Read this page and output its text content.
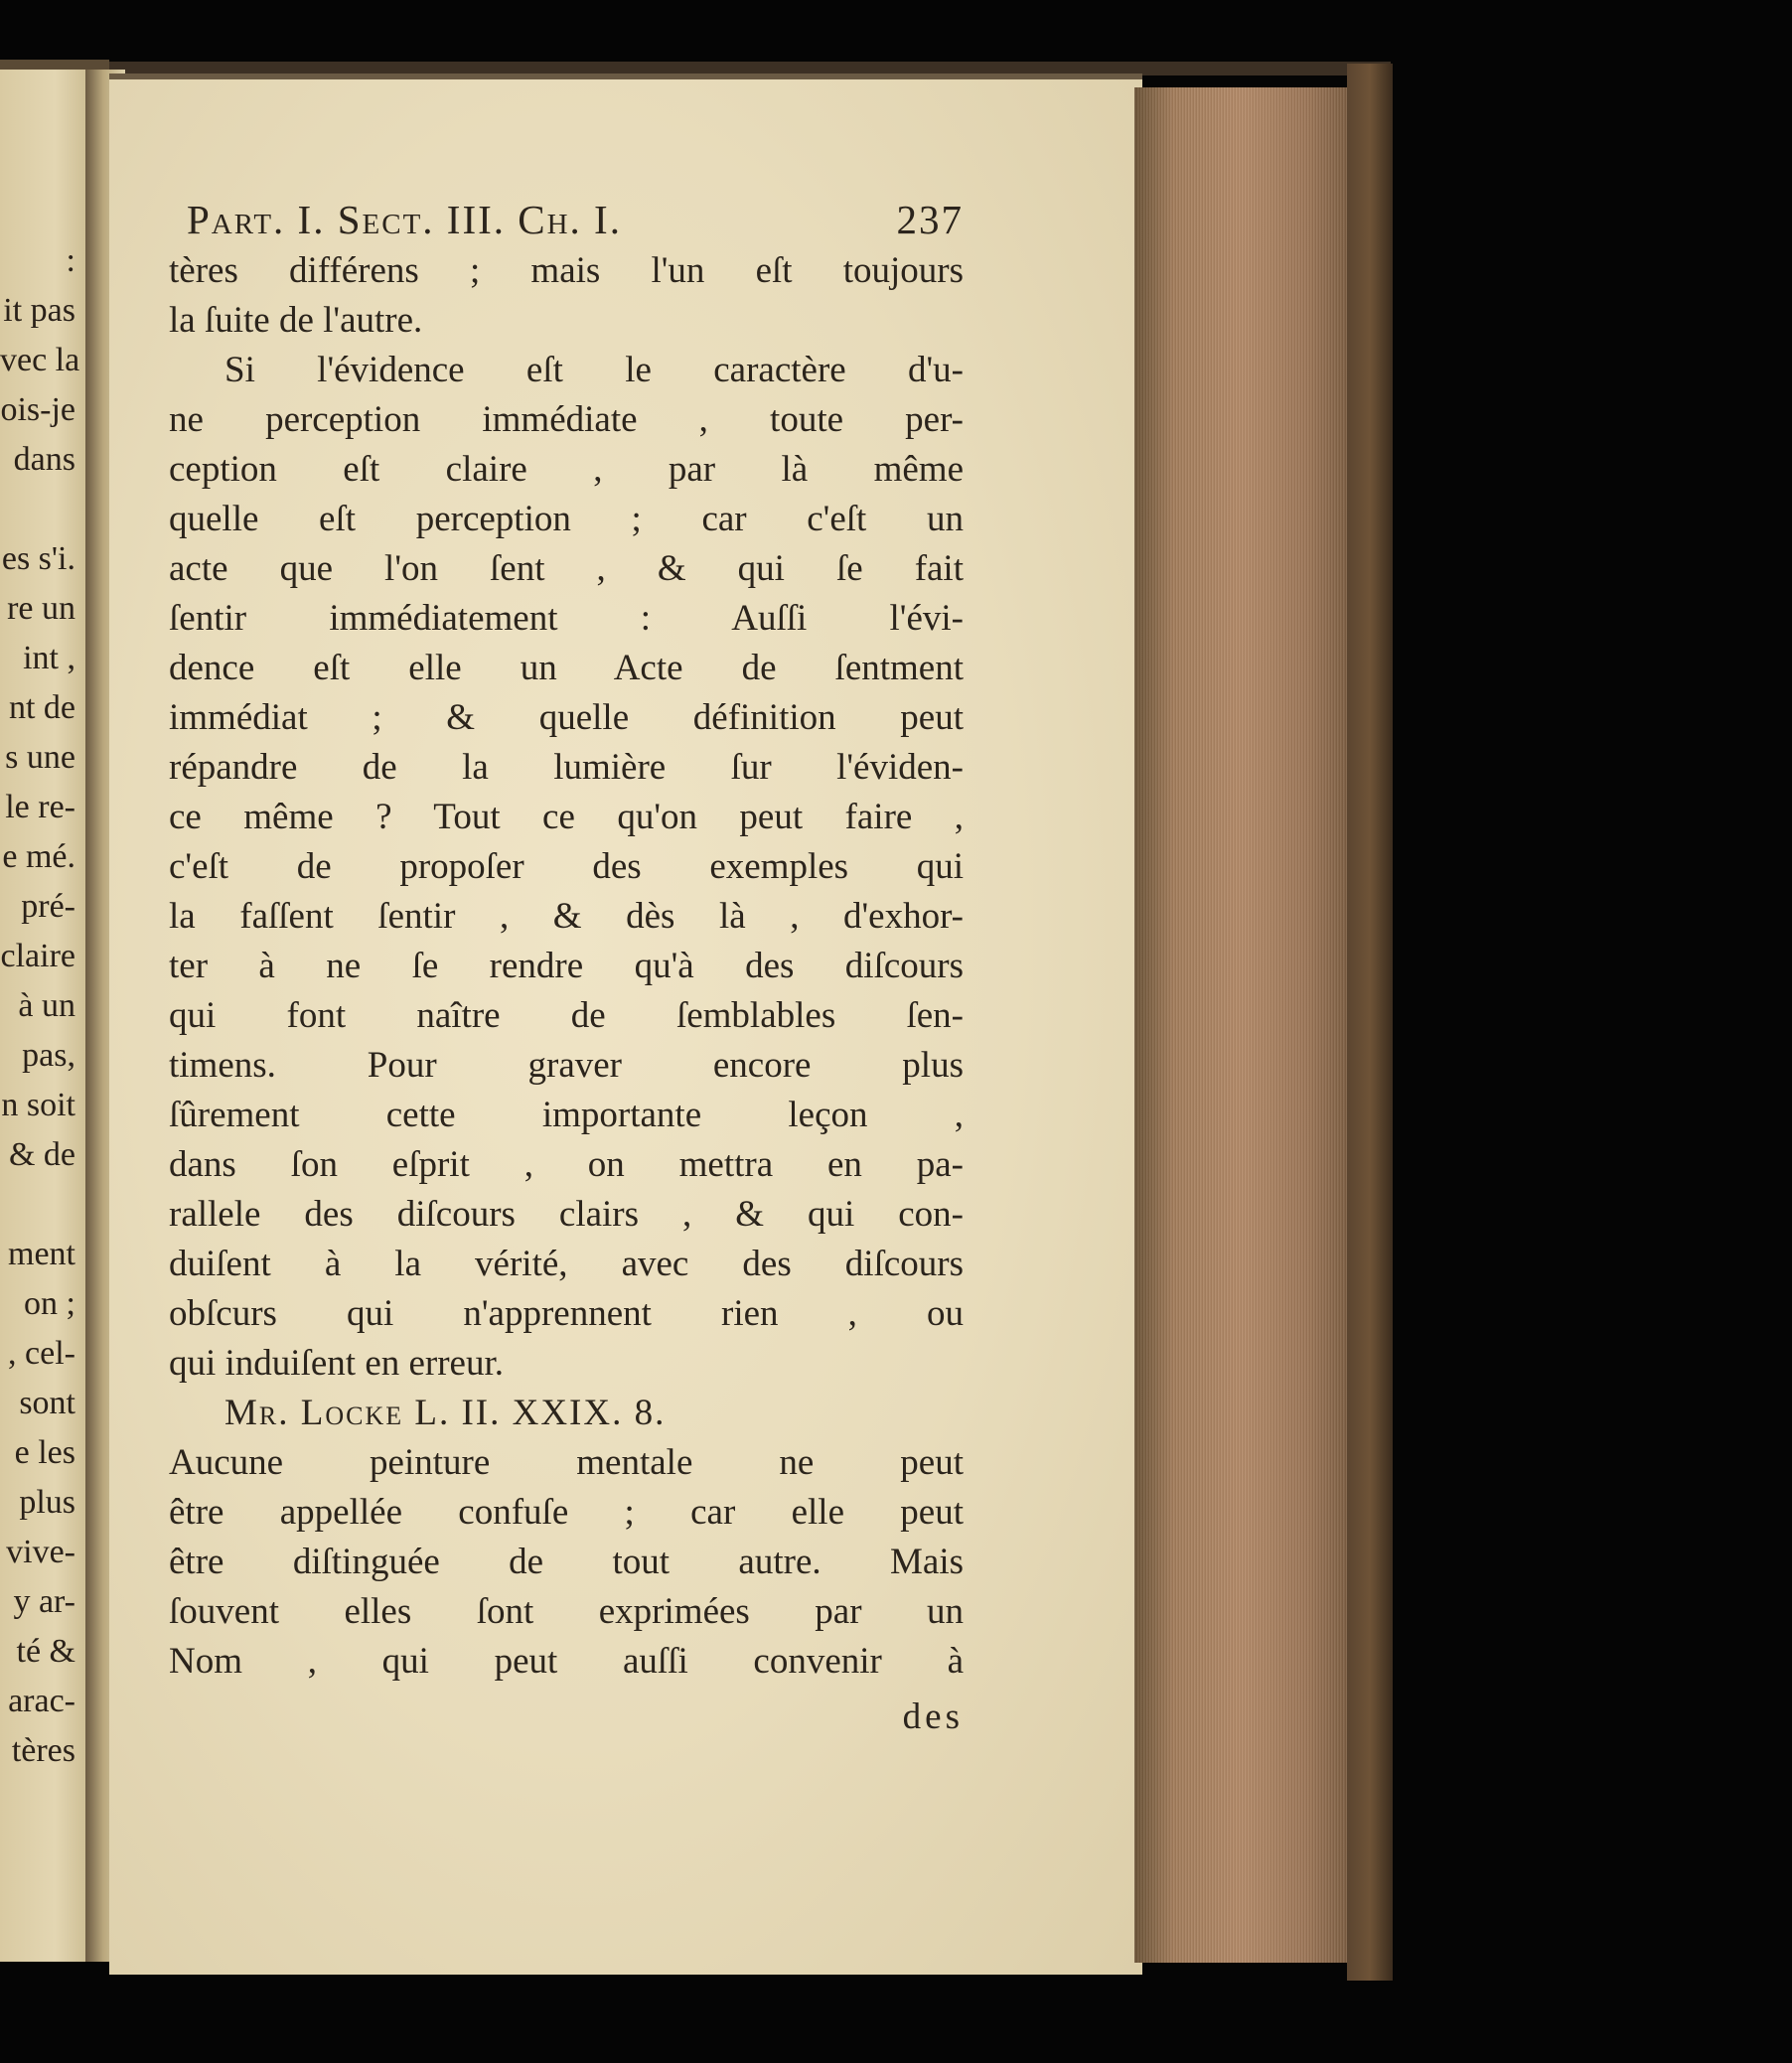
:
it pas
vec la
ois-je
dans
es s'i.
re un
int ,
nt de
s une
le re-
e mé.
pré-
claire
à un
pas,
n soit
& de
ment
on ;
, cel-
sont
e les
plus
vive-
y ar-
té &
arac-
tères
Part. I. Sect. III. Ch. I.	237
tères différens ; mais l'un eſt toujours
la ſuite de l'autre.
Si l'évidence eſt le caractère d'u-
ne perception immédiate , toute per-
ception eſt claire , par là même
quelle eſt perception ; car c'eſt un
acte que l'on ſent , & qui ſe fait
ſentir immédiatement : Auſſi l'évi-
dence eſt elle un Acte de ſentment
immédiat ; & quelle définition peut
répandre de la lumière ſur l'éviden-
ce même ? Tout ce qu'on peut faire ,
c'eſt de propoſer des exemples qui
la faſſent ſentir , & dès là , d'exhor-
ter à ne ſe rendre qu'à des diſcours
qui font naître de ſemblables ſen-
timens. Pour graver encore plus
ſûrement cette importante leçon ,
dans ſon eſprit , on mettra en pa-
rallele des diſcours clairs , & qui con-
duiſent à la vérité, avec des diſcours
obſcurs qui n'apprennent rien , ou
qui induiſent en erreur.
Mr. Locke L. II. XXIX. 8.
Aucune peinture mentale ne peut
être appellée confuſe ; car elle peut
être diſtinguée de tout autre. Mais
ſouvent elles ſont exprimées par un
Nom , qui peut auſſi convenir à
des
